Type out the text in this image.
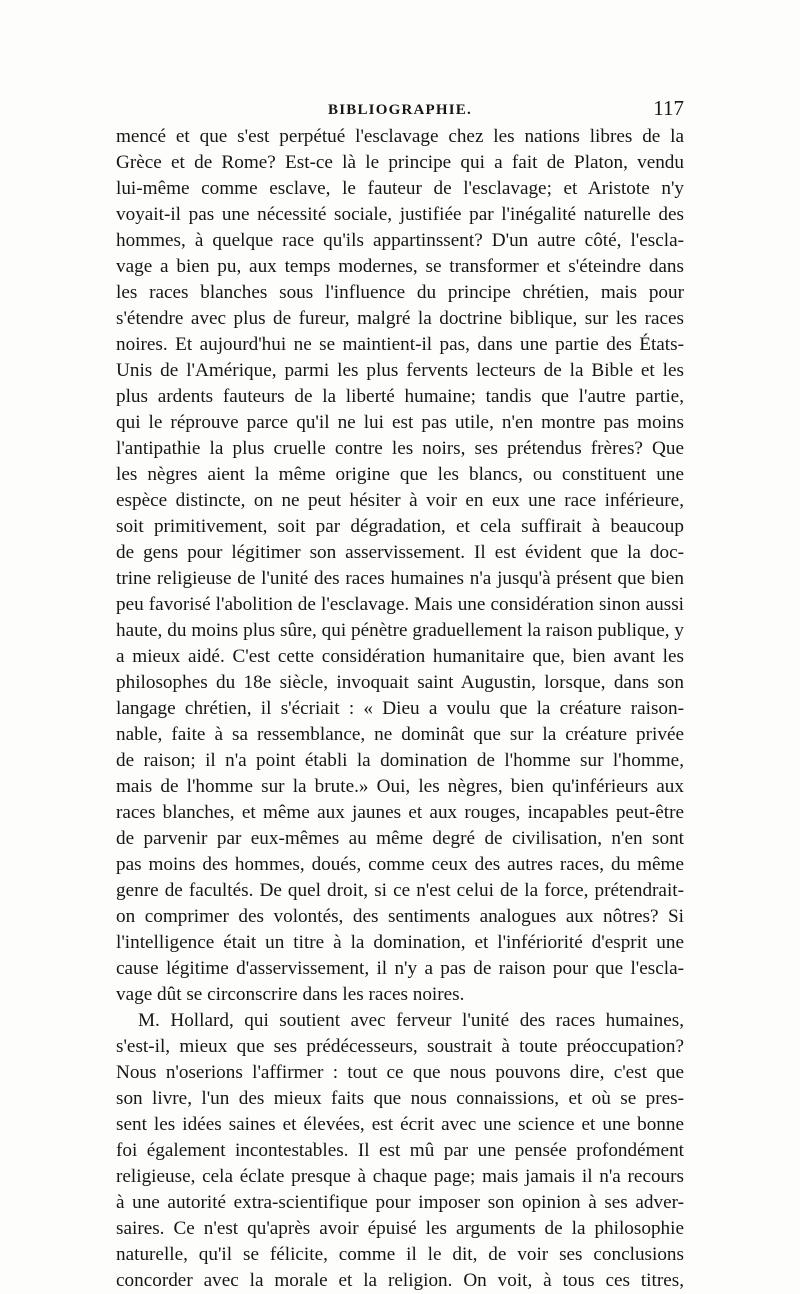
BIBLIOGRAPHIE.	117
mencé et que s'est perpétué l'esclavage chez les nations libres de la
Grèce et de Rome? Est-ce là le principe qui a fait de Platon, vendu
lui-même comme esclave, le fauteur de l'esclavage; et Aristote n'y
voyait-il pas une nécessité sociale, justifiée par l'inégalité naturelle des
hommes, à quelque race qu'ils appartinssent? D'un autre côté, l'escla-
vage a bien pu, aux temps modernes, se transformer et s'éteindre dans
les races blanches sous l'influence du principe chrétien, mais pour
s'étendre avec plus de fureur, malgré la doctrine biblique, sur les races
noires. Et aujourd'hui ne se maintient-il pas, dans une partie des États-
Unis de l'Amérique, parmi les plus fervents lecteurs de la Bible et les
plus ardents fauteurs de la liberté humaine; tandis que l'autre partie,
qui le réprouve parce qu'il ne lui est pas utile, n'en montre pas moins
l'antipathie la plus cruelle contre les noirs, ses prétendus frères? Que
les nègres aient la même origine que les blancs, ou constituent une
espèce distincte, on ne peut hésiter à voir en eux une race inférieure,
soit primitivement, soit par dégradation, et cela suffirait à beaucoup
de gens pour légitimer son asservissement. Il est évident que la doc-
trine religieuse de l'unité des races humaines n'a jusqu'à présent que bien
peu favorisé l'abolition de l'esclavage. Mais une considération sinon aussi
haute, du moins plus sûre, qui pénètre graduellement la raison publique, y
a mieux aidé. C'est cette considération humanitaire que, bien avant les
philosophes du 18e siècle, invoquait saint Augustin, lorsque, dans son
langage chrétien, il s'écriait : « Dieu a voulu que la créature raison-
nable, faite à sa ressemblance, ne dominât que sur la créature privée
de raison; il n'a point établi la domination de l'homme sur l'homme,
mais de l'homme sur la brute.» Oui, les nègres, bien qu'inférieurs aux
races blanches, et même aux jaunes et aux rouges, incapables peut-être
de parvenir par eux-mêmes au même degré de civilisation, n'en sont
pas moins des hommes, doués, comme ceux des autres races, du même
genre de facultés. De quel droit, si ce n'est celui de la force, prétendrait-
on comprimer des volontés, des sentiments analogues aux nôtres? Si
l'intelligence était un titre à la domination, et l'infériorité d'esprit une
cause légitime d'asservissement, il n'y a pas de raison pour que l'escla-
vage dût se circonscrire dans les races noires.
M. Hollard, qui soutient avec ferveur l'unité des races humaines,
s'est-il, mieux que ses prédécesseurs, soustrait à toute préoccupation?
Nous n'oserions l'affirmer : tout ce que nous pouvons dire, c'est que
son livre, l'un des mieux faits que nous connaissions, et où se pres-
sent les idées saines et élevées, est écrit avec une science et une bonne
foi également incontestables. Il est mû par une pensée profondément
religieuse, cela éclate presque à chaque page; mais jamais il n'a recours
à une autorité extra-scientifique pour imposer son opinion à ses adver-
saires. Ce n'est qu'après avoir épuisé les arguments de la philosophie
naturelle, qu'il se félicite, comme il le dit, de voir ses conclusions
concorder avec la morale et la religion. On voit, à tous ces titres,
